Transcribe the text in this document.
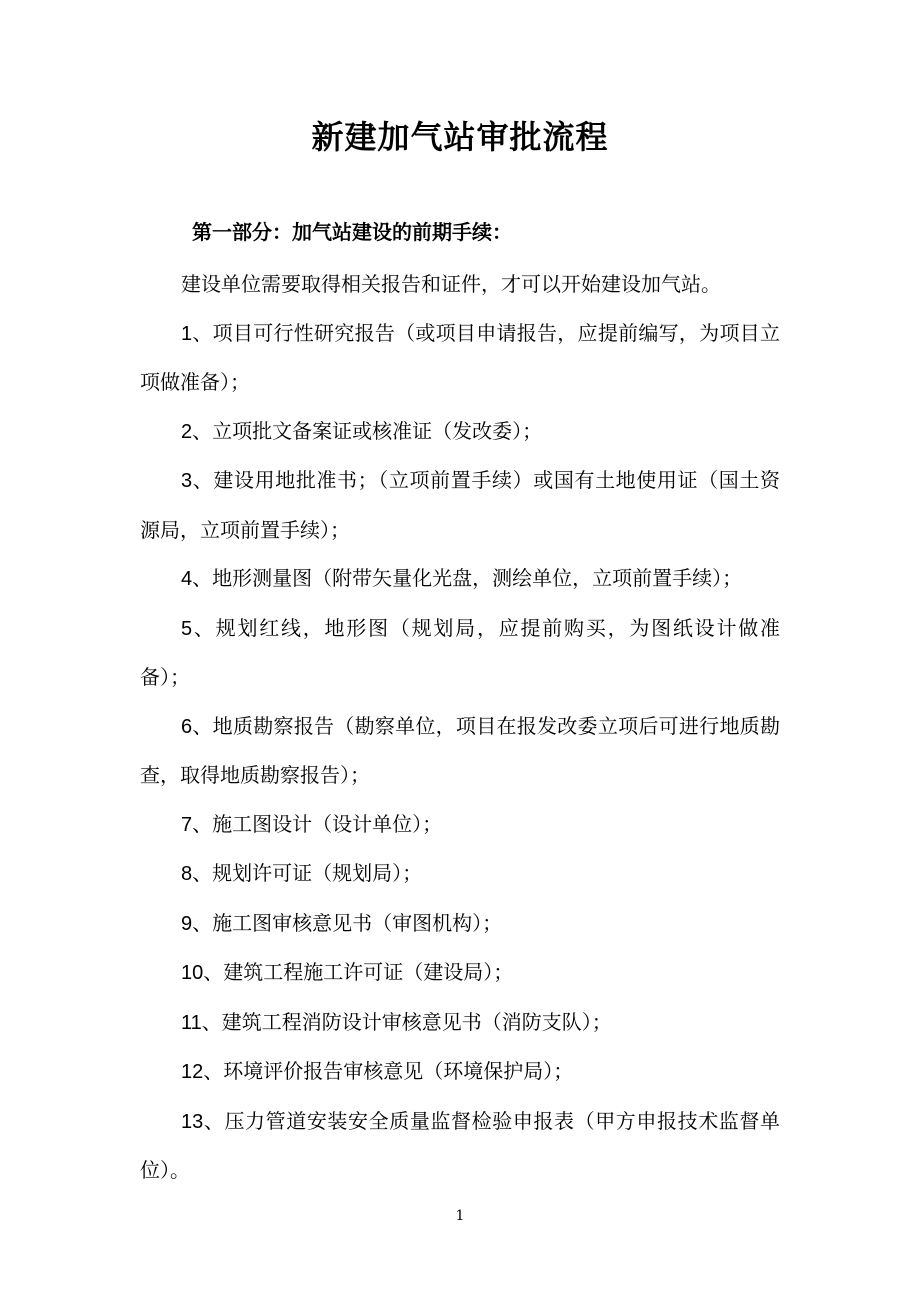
新建加气站审批流程
第一部分：加气站建设的前期手续：

建设单位需要取得相关报告和证件，才可以开始建设加气站。

1、项目可行性研究报告（或项目申请报告，应提前编写，为项目立项做准备）；

2、立项批文备案证或核准证（发改委）；

3、建设用地批准书；（立项前置手续）或国有土地使用证（国土资源局，立项前置手续）；

4、地形测量图（附带矢量化光盘，测绘单位，立项前置手续）；

5、规划红线，地形图（规划局，应提前购买，为图纸设计做准备）；

6、地质勘察报告（勘察单位，项目在报发改委立项后可进行地质勘查，取得地质勘察报告）；

7、施工图设计（设计单位）；

8、规划许可证（规划局）；

9、施工图审核意见书（审图机构）；

10、建筑工程施工许可证（建设局）；

11、建筑工程消防设计审核意见书（消防支队）；

12、环境评价报告审核意见（环境保护局）；

13、压力管道安装安全质量监督检验申报表（甲方申报技术监督单位）。

1
